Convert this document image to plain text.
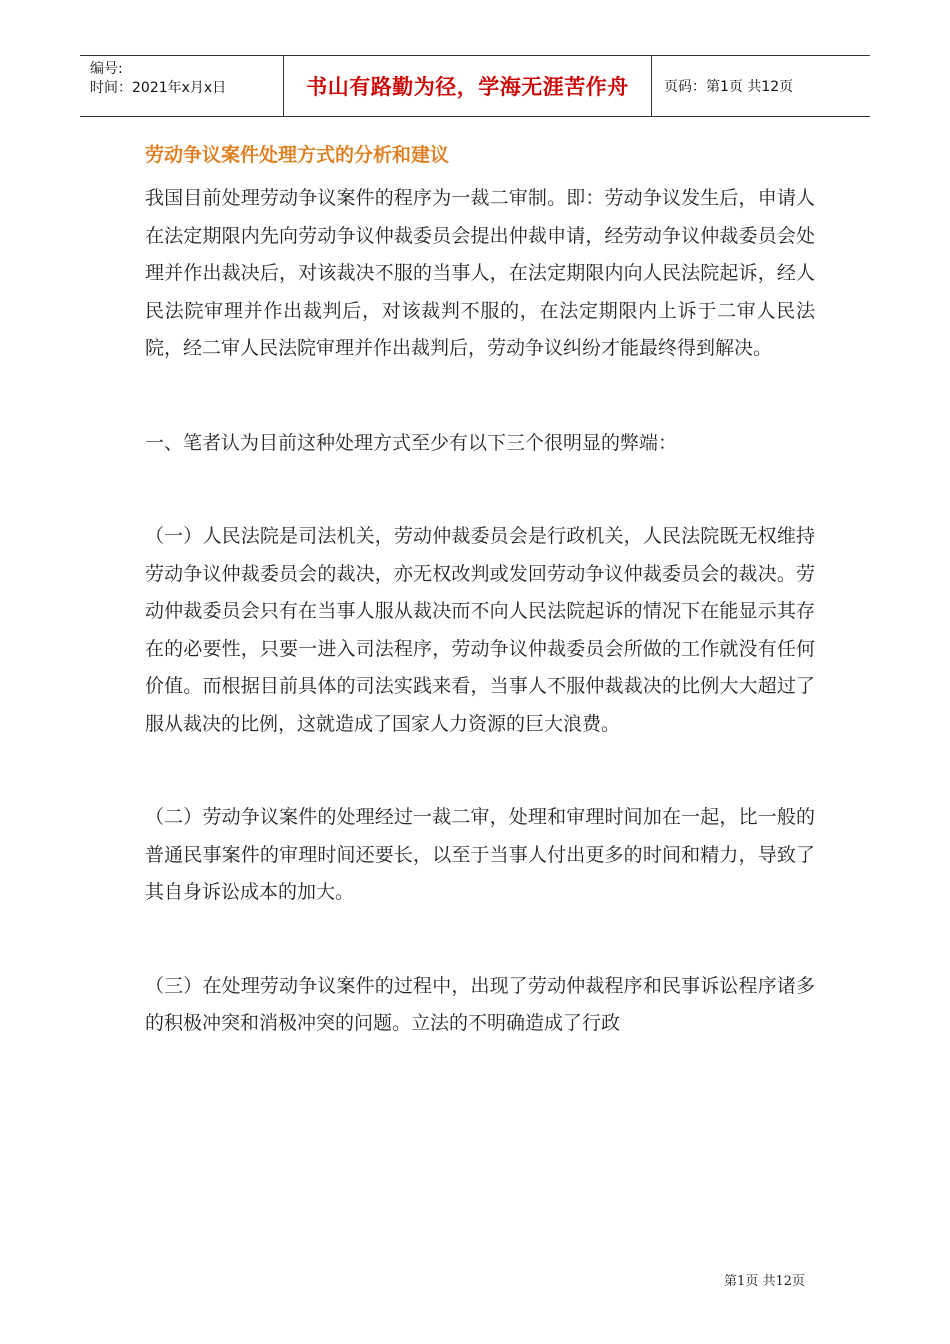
编号:
时间：2021年x月x日	书山有路勤为径，学海无涯苦作舟	页码：第1页 共12页
劳动争议案件处理方式的分析和建议

我国目前处理劳动争议案件的程序为一裁二审制。即：劳动争议发生后，申请人在法定期限内先向劳动争议仲裁委员会提出仲裁申请，经劳动争议仲裁委员会处理并作出裁决后，对该裁决不服的当事人，在法定期限内向人民法院起诉，经人民法院审理并作出裁判后，对该裁判不服的，在法定期限内上诉于二审人民法院，经二审人民法院审理并作出裁判后，劳动争议纠纷才能最终得到解决。

一、笔者认为目前这种处理方式至少有以下三个很明显的弊端：

（一）人民法院是司法机关，劳动仲裁委员会是行政机关，人民法院既无权维持劳动争议仲裁委员会的裁决，亦无权改判或发回劳动争议仲裁委员会的裁决。劳动仲裁委员会只有在当事人服从裁决而不向人民法院起诉的情况下在能显示其存在的必要性，只要一进入司法程序，劳动争议仲裁委员会所做的工作就没有任何价值。而根据目前具体的司法实践来看，当事人不服仲裁裁决的比例大大超过了服从裁决的比例，这就造成了国家人力资源的巨大浪费。

（二）劳动争议案件的处理经过一裁二审，处理和审理时间加在一起，比一般的普通民事案件的审理时间还要长，以至于当事人付出更多的时间和精力，导致了其自身诉讼成本的加大。

（三）在处理劳动争议案件的过程中，出现了劳动仲裁程序和民事诉讼程序诸多的积极冲突和消极冲突的问题。立法的不明确造成了行政

第1页 共12页
